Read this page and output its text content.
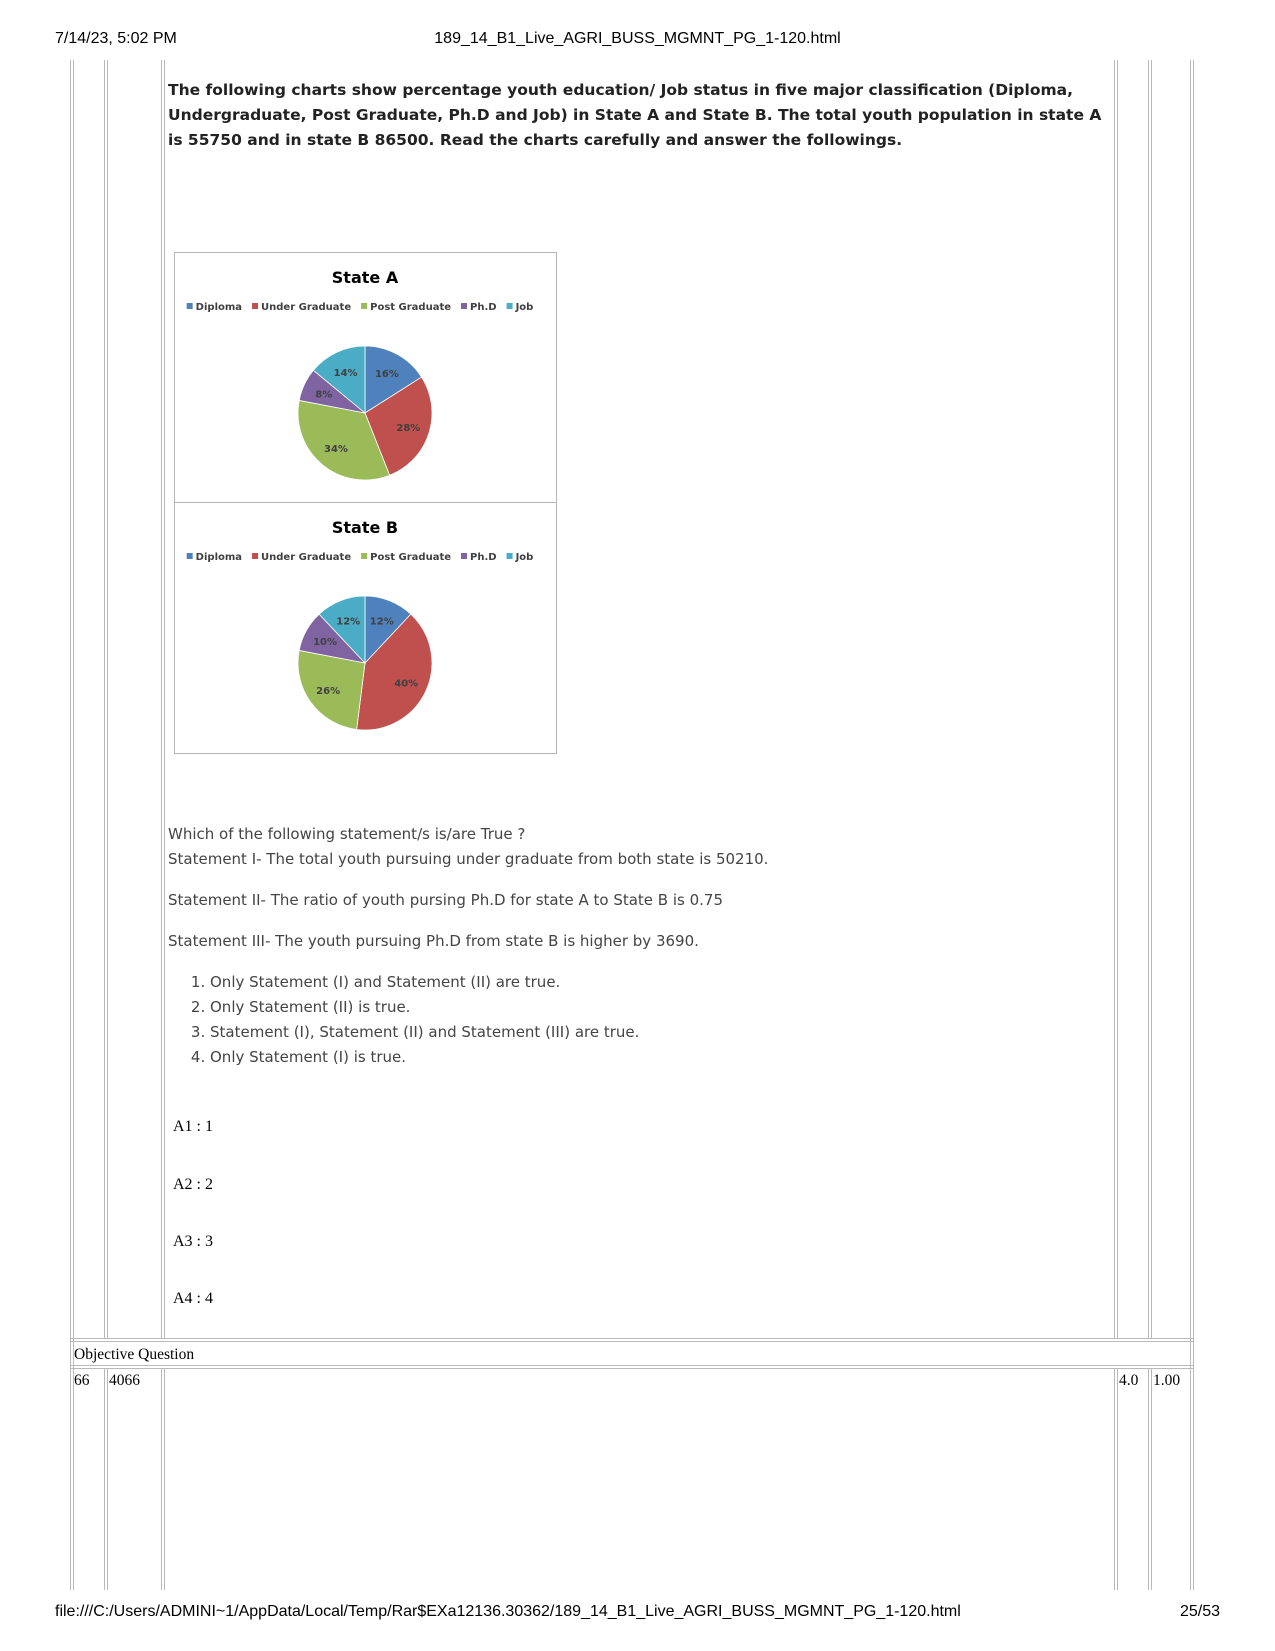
7/14/23, 5:02 PM	189_14_B1_Live_AGRI_BUSS_MGMNT_PG_1-120.html

The following charts show percentage youth education/ Job status in five major classification (Diploma, Undergraduate, Post Graduate, Ph.D and Job) in State A and State B. The total youth population in state A is 55750 and in state B 86500. Read the charts carefully and answer the followings.

State A
Diploma Under Graduate Post Graduate Ph.D Job
16%
28%
34%
8%
14%
State B
Diploma Under Graduate Post Graduate Ph.D Job
12%
40%
26%
10%
12%

Which of the following statement/s is/are True ?

Statement I- The total youth pursuing under graduate from both state is 50210.

Statement II- The ratio of youth pursing Ph.D for state A to State B is 0.75

Statement III- The youth pursuing Ph.D from state B is higher by 3690.

1. Only Statement (I) and Statement (II) are true.
2. Only Statement (II) is true.
3. Statement (I), Statement (II) and Statement (III) are true.
4. Only Statement (I) is true.
A1 : 1
A2 : 2
A3 : 3
A4 : 4
Objective Question
66 4066	4.0 1.00
file:///C:/Users/ADMINI~1/AppData/Local/Temp/Rar$EXa12136.30362/189_14_B1_Live_AGRI_BUSS_MGMNT_PG_1-120.html	25/53
